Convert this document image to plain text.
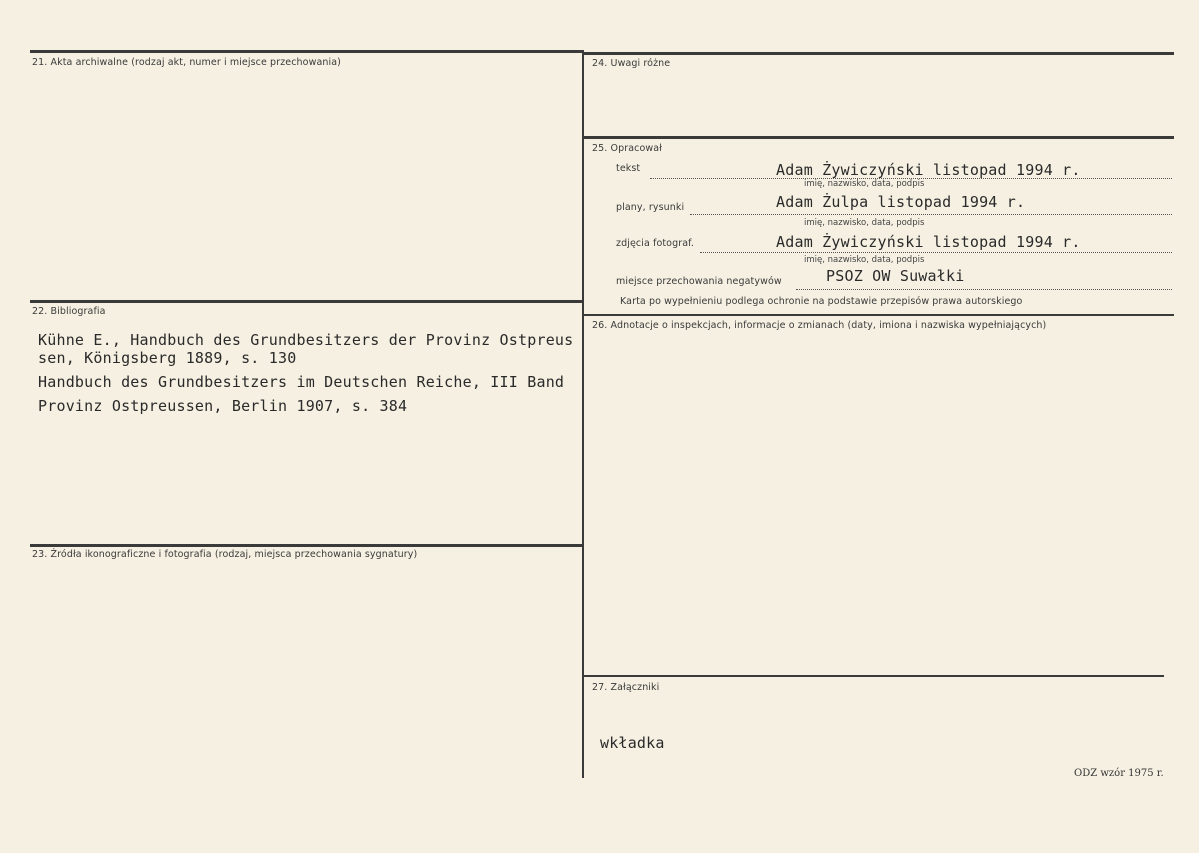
21. Akta archiwalne (rodzaj akt, numer i miejsce przechowania)
22. Bibliografia
Kühne E., Handbuch des Grundbesitzers der Provinz Ostpreus
sen, Königsberg 1889, s. 130
Handbuch des Grundbesitzers im Deutschen Reiche, III Band
Provinz Ostpreussen, Berlin 1907, s. 384
23. Źródła ikonograficzne i fotografia (rodzaj, miejsca przechowania sygnatury)
24. Uwagi różne
25. Opracował
tekst	Adam Żywiczyński listopad 1994 r.
imię, nazwisko, data, podpis
plany, rysunki	Adam Żulpa listopad 1994 r.
imię, nazwisko, data, podpis
zdjęcia fotograf.	Adam Żywiczyński listopad 1994 r.
imię, nazwisko, data, podpis
miejsce przechowania negatywów	PSOZ OW Suwałki
Karta po wypełnieniu podlega ochronie na podstawie przepisów prawa autorskiego
26. Adnotacje o inspekcjach, informacje o zmianach (daty, imiona i nazwiska wypełniających)
27. Załączniki
wkładka
ODZ wzór 1975 r.
